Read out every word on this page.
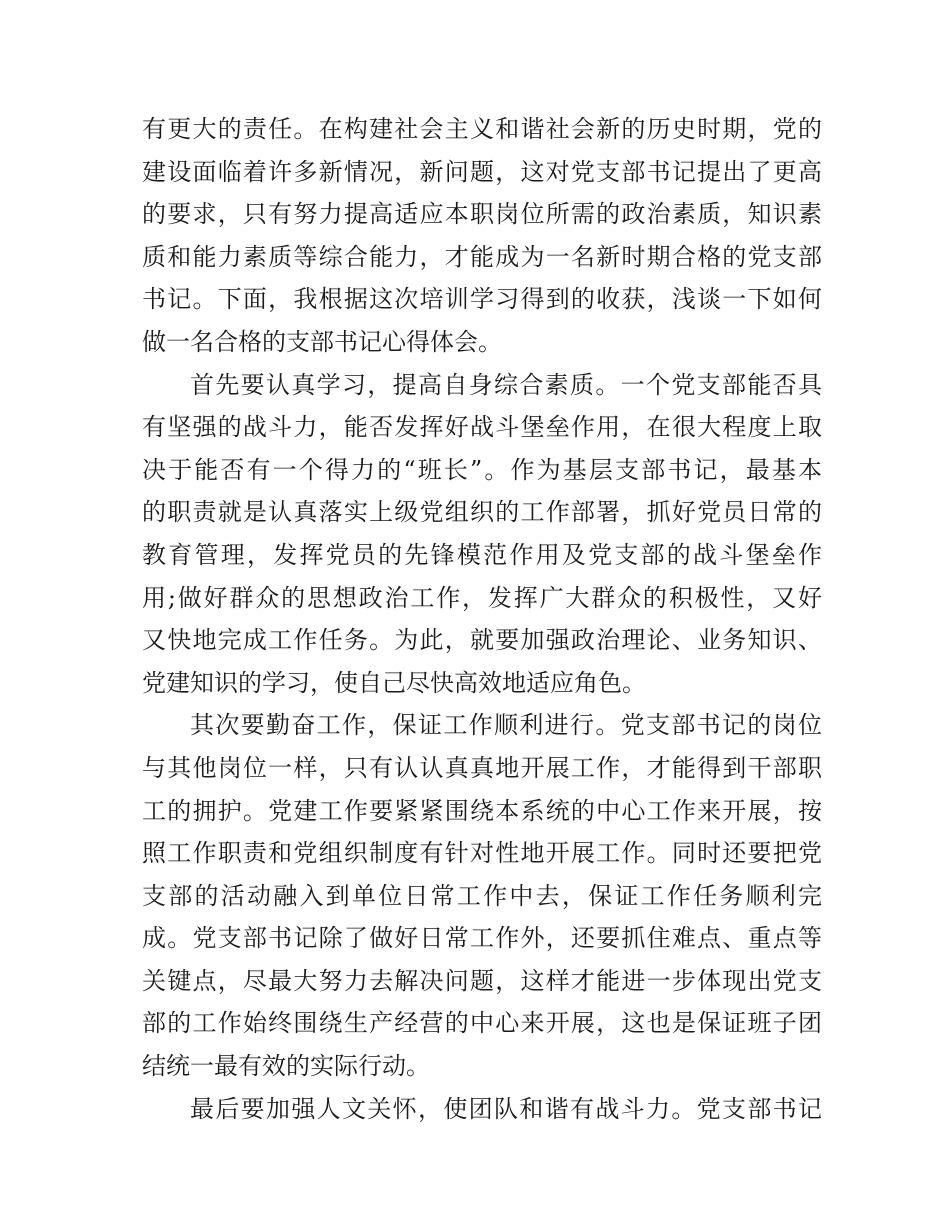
有更大的责任。在构建社会主义和谐社会新的历史时期，党的
建设面临着许多新情况，新问题，这对党支部书记提出了更高
的要求，只有努力提高适应本职岗位所需的政治素质，知识素
质和能力素质等综合能力，才能成为一名新时期合格的党支部
书记。下面，我根据这次培训学习得到的收获，浅谈一下如何
做一名合格的支部书记心得体会。
首先要认真学习，提高自身综合素质。一个党支部能否具
有坚强的战斗力，能否发挥好战斗堡垒作用，在很大程度上取
决于能否有一个得力的“班长”。作为基层支部书记，最基本
的职责就是认真落实上级党组织的工作部署，抓好党员日常的
教育管理，发挥党员的先锋模范作用及党支部的战斗堡垒作
用;做好群众的思想政治工作，发挥广大群众的积极性，又好
又快地完成工作任务。为此，就要加强政治理论、业务知识、
党建知识的学习，使自己尽快高效地适应角色。
其次要勤奋工作，保证工作顺利进行。党支部书记的岗位
与其他岗位一样，只有认认真真地开展工作，才能得到干部职
工的拥护。党建工作要紧紧围绕本系统的中心工作来开展，按
照工作职责和党组织制度有针对性地开展工作。同时还要把党
支部的活动融入到单位日常工作中去，保证工作任务顺利完
成。党支部书记除了做好日常工作外，还要抓住难点、重点等
关键点，尽最大努力去解决问题，这样才能进一步体现出党支
部的工作始终围绕生产经营的中心来开展，这也是保证班子团
结统一最有效的实际行动。
最后要加强人文关怀，使团队和谐有战斗力。党支部书记
